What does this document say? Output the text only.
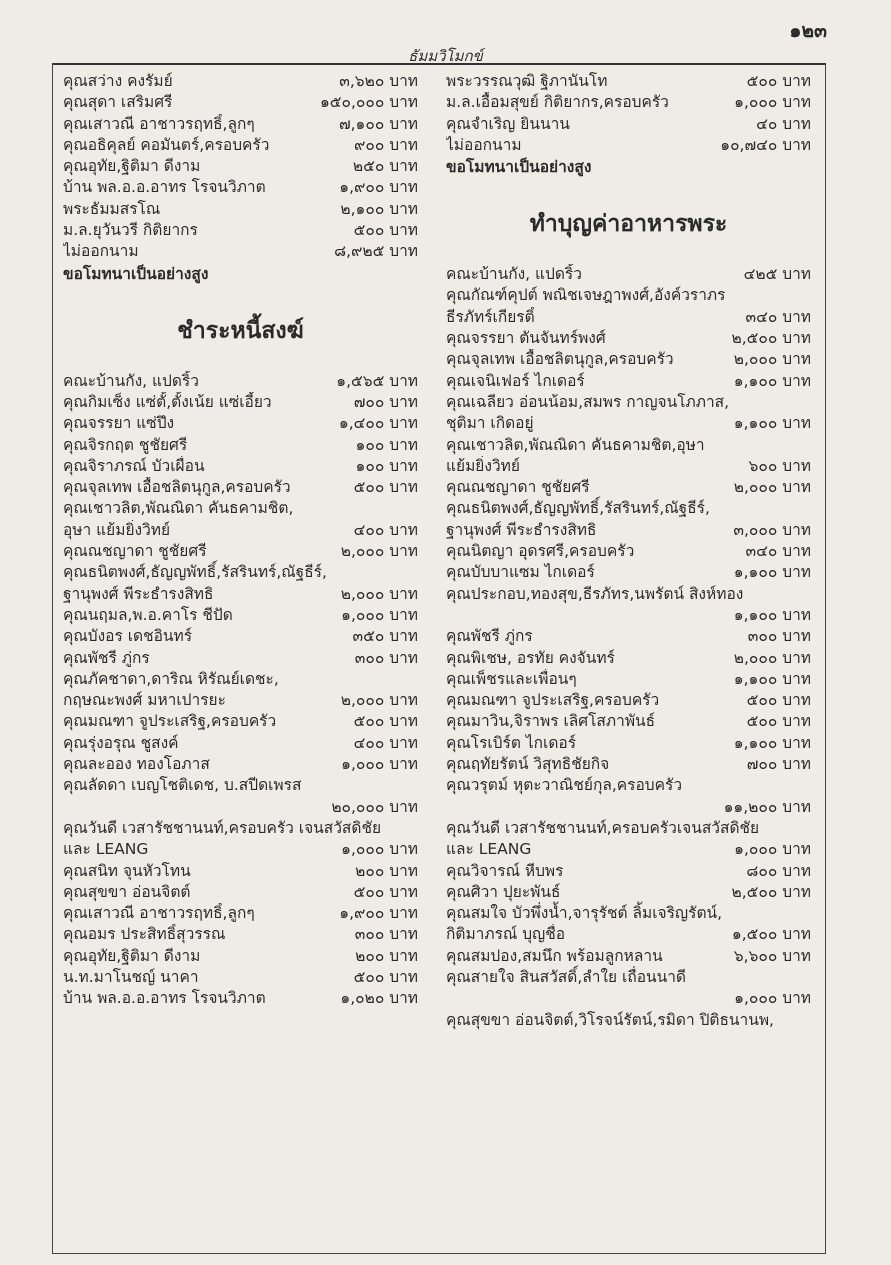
๑๒๓
ธัมมวิโมกข์
คุณสว่าง คงรัมย์	๓,๖๒๐ บาท
คุณสุดา เสริมศรี	๑๕๐,๐๐๐ บาท
คุณเสาวณี อาชาวรฤทธิ์,ลูกๆ	๗,๑๐๐ บาท
คุณอธิคุลย์ คอมันตร์,ครอบครัว	๙๐๐ บาท
คุณอุทัย,ฐิติมา ดีงาม	๒๕๐ บาท
บ้าน พล.อ.อ.อาทร โรจนวิภาต	๑,๙๐๐ บาท
พระธัมมสรโณ	๒,๑๐๐ บาท
ม.ล.ยุวันวรี กิติยากร	๕๐๐ บาท
ไม่ออกนาม	๘,๙๒๕ บาท
ขอโมทนาเป็นอย่างสูง
ชำระหนี้สงฆ์
คณะบ้านกัง, แปดริ้ว	๑,๕๖๕ บาท
คุณกิมเซ็ง แซ่ตั้,ตั้งเน้ย แซ่เอี้ยว	๗๐๐ บาท
คุณจรรยา แซ่ปึง	๑,๔๐๐ บาท
คุณจิรกฤต ชูชัยศรี	๑๐๐ บาท
คุณจิราภรณ์ บัวเผื่อน	๑๐๐ บาท
คุณจุลเทพ เอื้อชลิตนุกูล,ครอบครัว	๕๐๐ บาท
คุณเชาวลิต,พัณณิดา คันธคามชิต,
อุษา แย้มยิ่งวิทย์	๔๐๐ บาท
คุณณชญาดา ชูชัยศรี	๒,๐๐๐ บาท
คุณธนิตพงศ์,ธัญญพัทธิ์,รัสรินทร์,ณัฐธีร์,
ฐานุพงศ์ พีระธำรงสิทธิ	๒,๐๐๐ บาท
คุณนฤมล,พ.อ.คาโร ชีปัด	๑,๐๐๐ บาท
คุณบังอร เดชอินทร์	๓๕๐ บาท
คุณพัชรี ภู่กร	๓๐๐ บาท
คุณภัคชาดา,ดาริณ หิรัณย์เดชะ,
กฤษณะพงศ์ มหาเปารยะ	๒,๐๐๐ บาท
คุณมณฑา จูประเสริฐ,ครอบครัว	๕๐๐ บาท
คุณรุ่งอรุณ ชูสงค์	๔๐๐ บาท
คุณละออง ทองโอภาส	๑,๐๐๐ บาท
คุณลัดดา เบญโชติเดช, บ.สปีดเพรส
๒๐,๐๐๐ บาท
คุณวันดี เวสารัชชานนท์,ครอบครัว เจนสวัสดิชัย
และ LEANG	๑,๐๐๐ บาท
คุณสนิท จุนหัวโทน	๒๐๐ บาท
คุณสุขขา อ่อนจิตต์	๕๐๐ บาท
คุณเสาวณี อาชาวรฤทธิ์,ลูกๆ	๑,๙๐๐ บาท
คุณอมร ประสิทธิ์สุวรรณ	๓๐๐ บาท
คุณอุทัย,ฐิติมา ดีงาม	๒๐๐ บาท
น.ท.มาโนชญ์ นาคา	๕๐๐ บาท
บ้าน พล.อ.อ.อาทร โรจนวิภาต	๑,๐๒๐ บาท
พระวรรณวุฒิ ฐิภานันโท	๕๐๐ บาท
ม.ล.เอื้อมสุขย์ กิติยากร,ครอบครัว	๑,๐๐๐ บาท
คุณจำเริญ ยินนาน	๔๐ บาท
ไม่ออกนาม	๑๐,๗๔๐ บาท
ขอโมทนาเป็นอย่างสูง
ทำบุญค่าอาหารพระ
คณะบ้านกัง, แปดริ้ว	๔๒๕ บาท
คุณกัณฑ์คุปต์ พณิชเจษฎาพงศ์,อังค์วราภร
ธีรภัทร์เกียรติ์	๓๔๐ บาท
คุณจรรยา ตันจันทร์พงศ์	๒,๕๐๐ บาท
คุณจุลเทพ เอื้อชลิตนุกูล,ครอบครัว	๒,๐๐๐ บาท
คุณเจนิเฟอร์ ไกเดอร์	๑,๑๐๐ บาท
คุณเฉลียว อ่อนน้อม,สมพร กาญจนโภภาส,
ชุติมา เกิดอยู่	๑,๑๐๐ บาท
คุณเชาวลิต,พัณณิดา คันธคามชิต,อุษา
แย้มยิ่งวิทย์	๖๐๐ บาท
คุณณชญาดา ชูชัยศรี	๒,๐๐๐ บาท
คุณธนิตพงศ์,ธัญญพัทธิ์,รัสรินทร์,ณัฐธีร์,
ฐานุพงศ์ พีระธำรงสิทธิ	๓,๐๐๐ บาท
คุณนิตญา อุดรศรี,ครอบครัว	๓๔๐ บาท
คุณบับบาแซม ไกเดอร์	๑,๑๐๐ บาท
คุณประกอบ,ทองสุข,ธีรภัทร,นพรัตน์ สิงห์ทอง
๑,๑๐๐ บาท
คุณพัชรี ภู่กร	๓๐๐ บาท
คุณพิเชษ, อรทัย คงจันทร์	๒,๐๐๐ บาท
คุณเพ็ชรและเพื่อนๆ	๑,๑๐๐ บาท
คุณมณฑา จูประเสริฐ,ครอบครัว	๕๐๐ บาท
คุณมาวิน,จิราพร เลิศโสภาพันธ์	๕๐๐ บาท
คุณโรเบิร์ต ไกเดอร์	๑,๑๐๐ บาท
คุณฤทัยรัตน์ วิสุทธิชัยกิจ	๗๐๐ บาท
คุณวรุตม์ หุตะวาณิชย์กุล,ครอบครัว
๑๑,๒๐๐ บาท
คุณวันดี เวสารัชชานนท์,ครอบครัวเจนสวัสดิชัย
และ LEANG	๑,๐๐๐ บาท
คุณวิจารณ์ หีบพร	๘๐๐ บาท
คุณศิวา ปุยะพันธ์	๒,๕๐๐ บาท
คุณสมใจ บัวพึ่งน้ำ,จารุรัชต์ ลิ้มเจริญรัตน์,
กิติมาภรณ์ บุญชื่อ	๑,๕๐๐ บาท
คุณสมปอง,สมนึก พร้อมลูกหลาน	๖,๖๐๐ บาท
คุณสายใจ สินสวัสดิ์,ลำใย เถื่อนนาดี
๑,๐๐๐ บาท
คุณสุขขา อ่อนจิตต์,วิโรจน์รัตน์,รมิดา ปิติธนานพ,
